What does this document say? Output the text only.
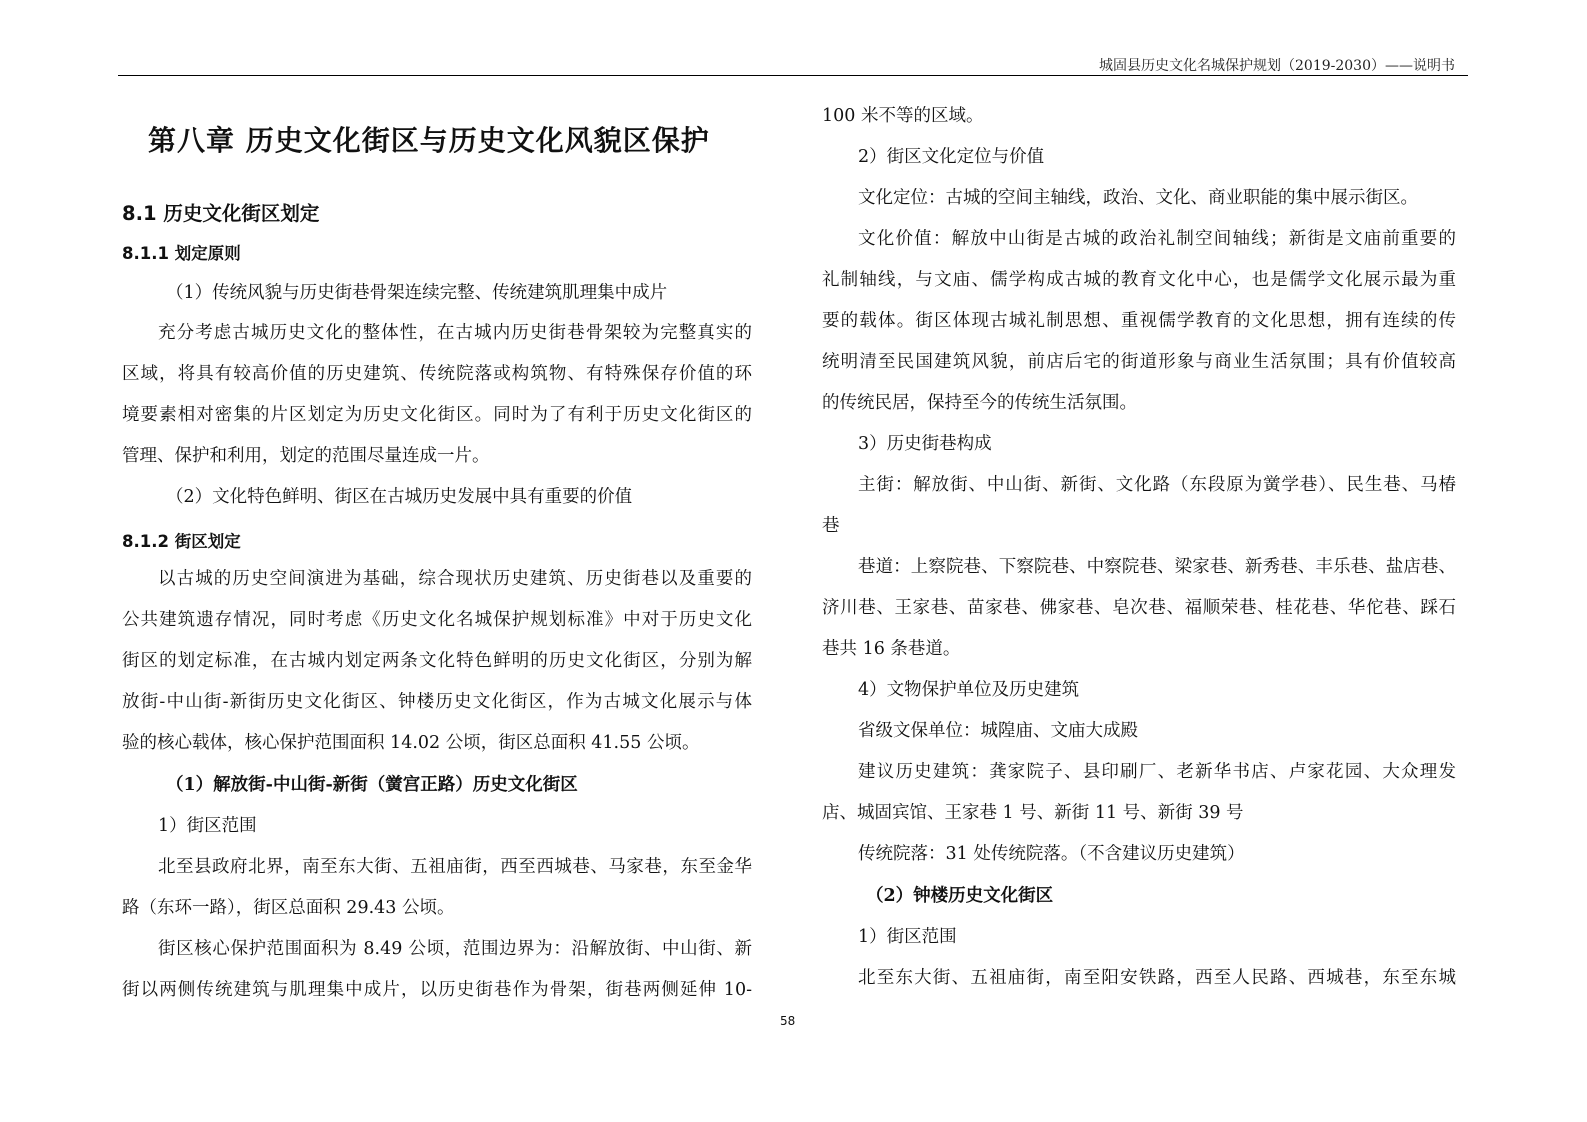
城固县历史文化名城保护规划（2019-2030）——说明书
第八章 历史文化街区与历史文化风貌区保护
8.1 历史文化街区划定
8.1.1 划定原则
（1）传统风貌与历史街巷骨架连续完整、传统建筑肌理集中成片
充分考虑古城历史文化的整体性，在古城内历史街巷骨架较为完整真实的
区域，将具有较高价值的历史建筑、传统院落或构筑物、有特殊保存价值的环
境要素相对密集的片区划定为历史文化街区。同时为了有利于历史文化街区的
管理、保护和利用，划定的范围尽量连成一片。
（2）文化特色鲜明、街区在古城历史发展中具有重要的价值
8.1.2 街区划定
以古城的历史空间演进为基础，综合现状历史建筑、历史街巷以及重要的
公共建筑遗存情况，同时考虑《历史文化名城保护规划标准》中对于历史文化
街区的划定标准，在古城内划定两条文化特色鲜明的历史文化街区，分别为解
放街-中山街-新街历史文化街区、钟楼历史文化街区，作为古城文化展示与体
验的核心载体，核心保护范围面积 14.02 公顷，街区总面积 41.55 公顷。
（1）解放街-中山街-新街（黉宫正路）历史文化街区
1）街区范围
北至县政府北界，南至东大街、五祖庙街，西至西城巷、马家巷，东至金华
路（东环一路），街区总面积 29.43 公顷。
街区核心保护范围面积为 8.49 公顷，范围边界为：沿解放街、中山街、新
街以两侧传统建筑与肌理集中成片，以历史街巷作为骨架，街巷两侧延伸 10-
100 米不等的区域。
2）街区文化定位与价值
文化定位：古城的空间主轴线，政治、文化、商业职能的集中展示街区。
文化价值：解放中山街是古城的政治礼制空间轴线；新街是文庙前重要的
礼制轴线，与文庙、儒学构成古城的教育文化中心，也是儒学文化展示最为重
要的载体。街区体现古城礼制思想、重视儒学教育的文化思想，拥有连续的传
统明清至民国建筑风貌，前店后宅的街道形象与商业生活氛围；具有价值较高
的传统民居，保持至今的传统生活氛围。
3）历史街巷构成
主街：解放街、中山街、新街、文化路（东段原为黉学巷）、民生巷、马椿
巷
巷道：上察院巷、下察院巷、中察院巷、梁家巷、新秀巷、丰乐巷、盐店巷、
济川巷、王家巷、苗家巷、佛家巷、皂次巷、福顺荣巷、桂花巷、华佗巷、踩石
巷共 16 条巷道。
4）文物保护单位及历史建筑
省级文保单位：城隍庙、文庙大成殿
建议历史建筑：龚家院子、县印刷厂、老新华书店、卢家花园、大众理发
店、城固宾馆、王家巷 1 号、新街 11 号、新街 39 号
传统院落：31 处传统院落。（不含建议历史建筑）
（2）钟楼历史文化街区
1）街区范围
北至东大街、五祖庙街，南至阳安铁路，西至人民路、西城巷，东至东城
58
